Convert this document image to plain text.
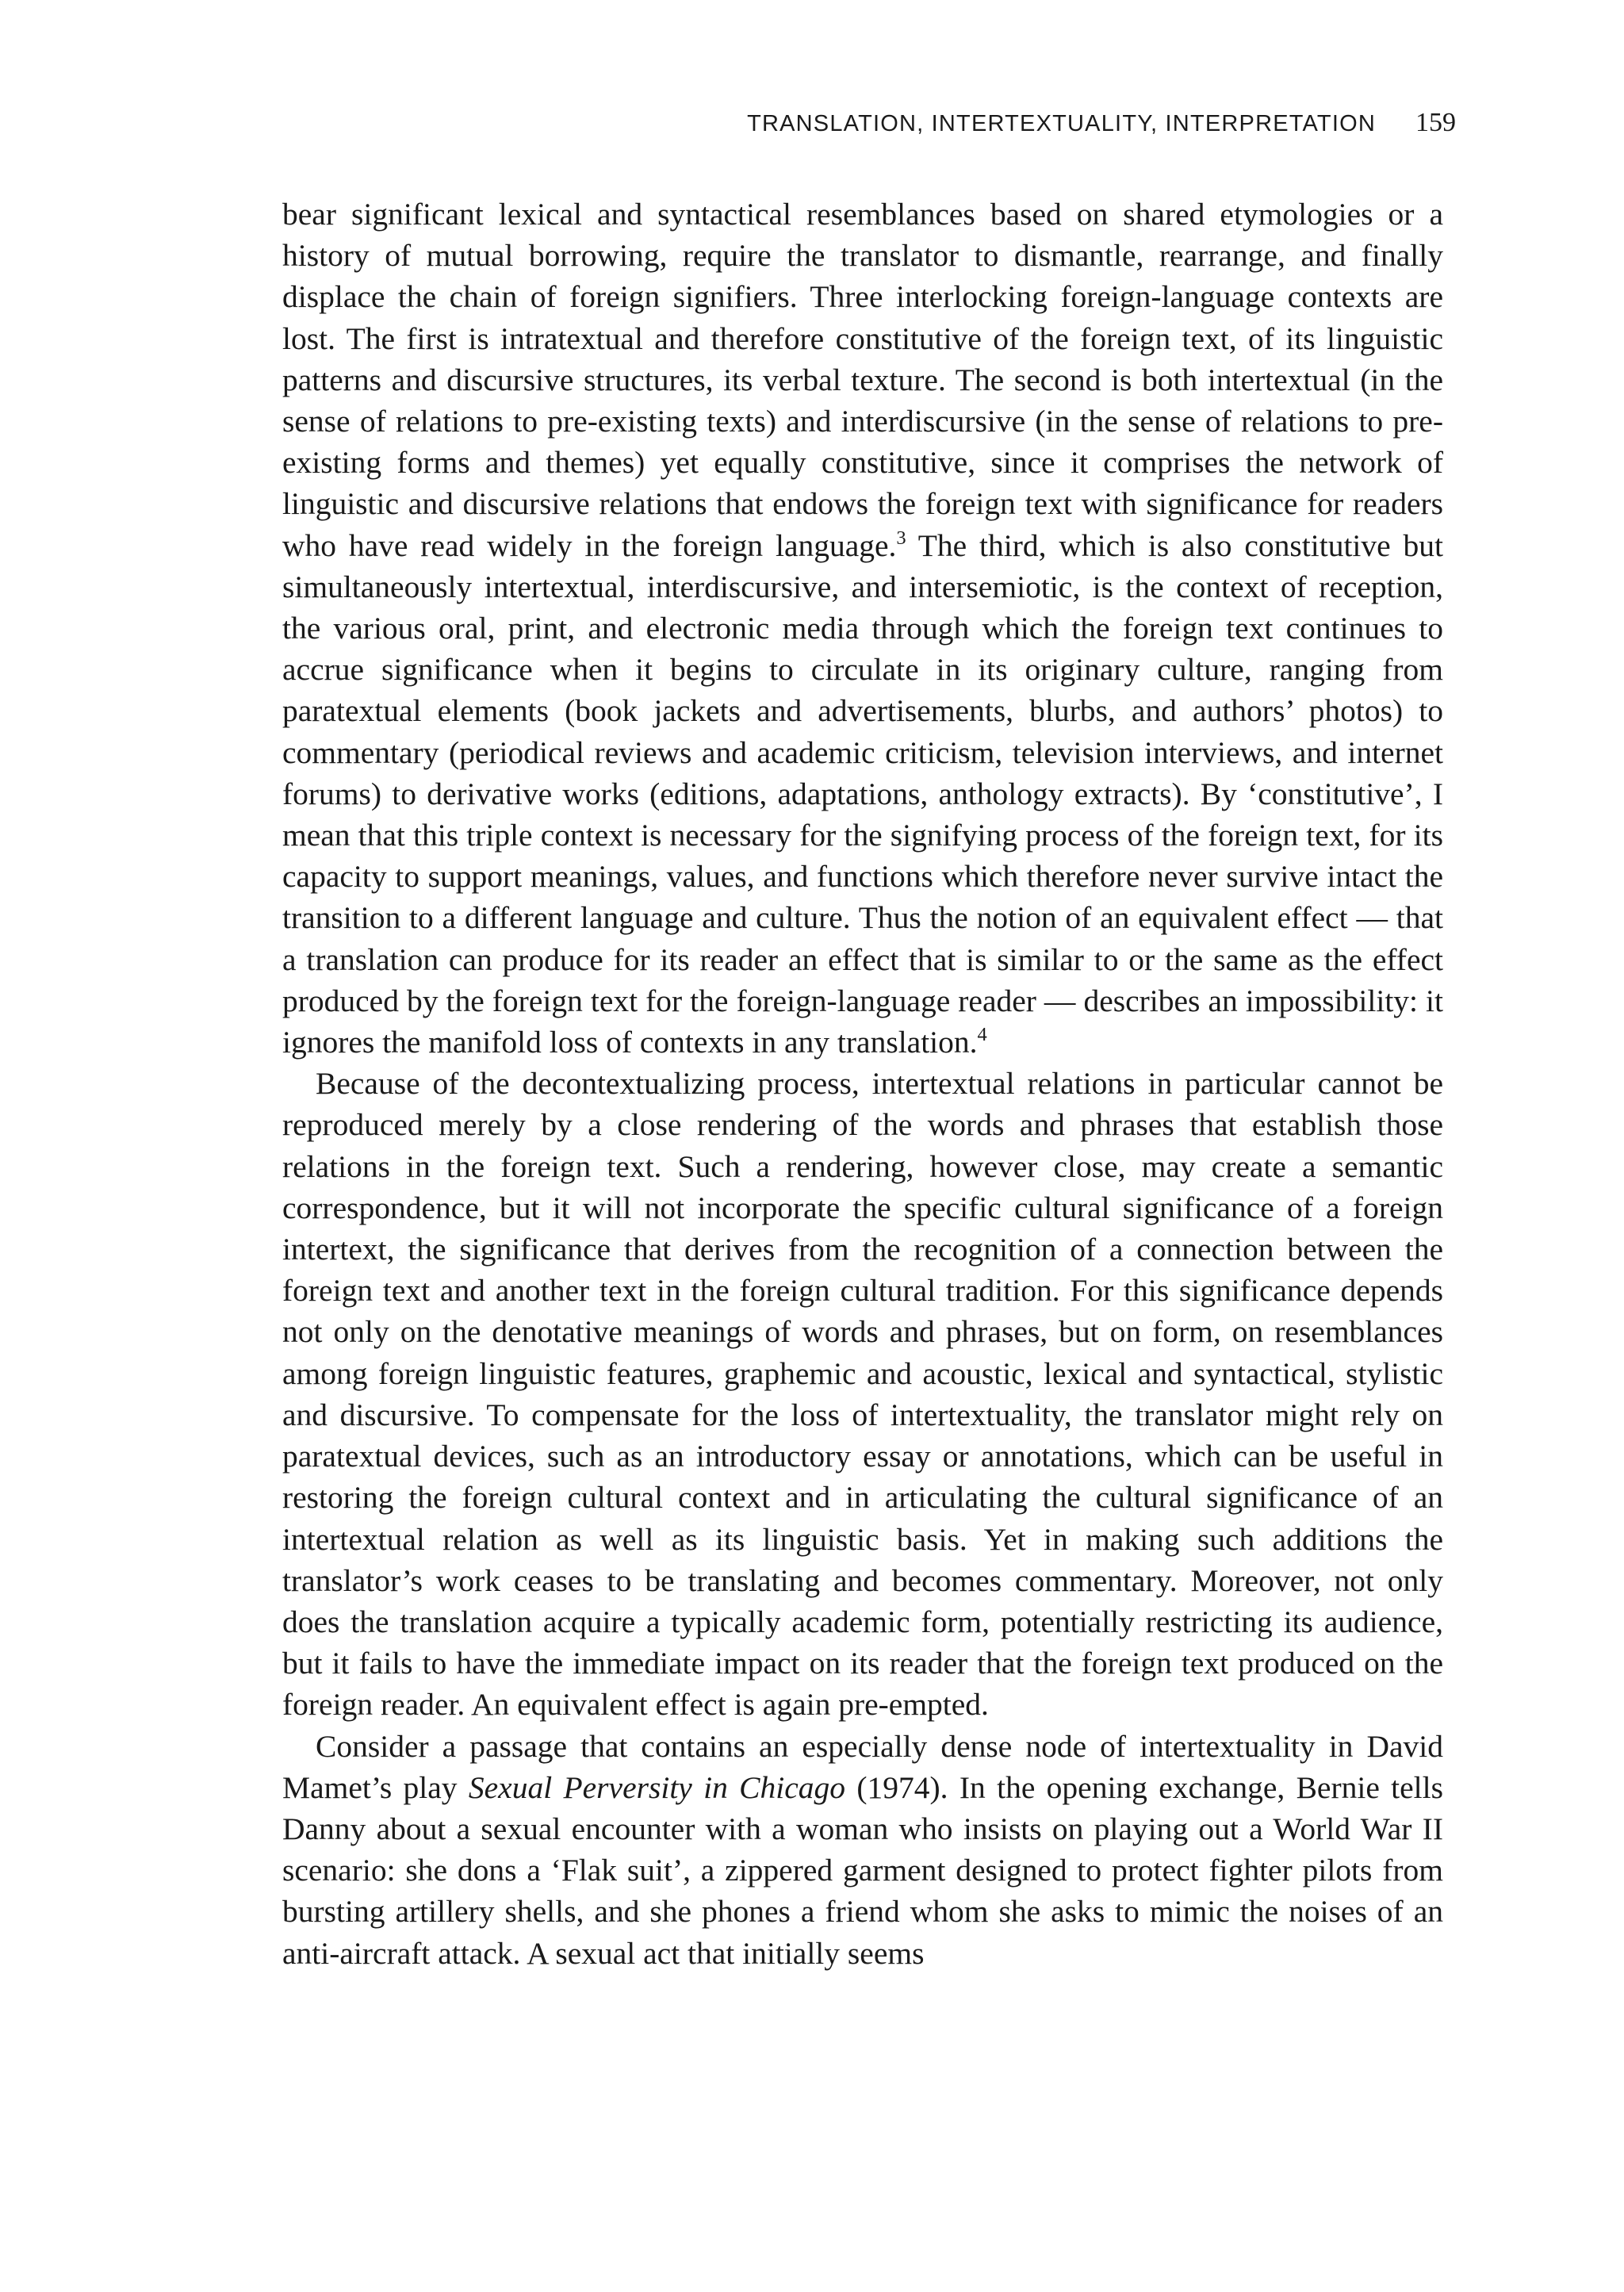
TRANSLATION, INTERTEXTUALITY, INTERPRETATION 159

bear significant lexical and syntactical resemblances based on shared etymologies or a history of mutual borrowing, require the translator to dismantle, rearrange, and finally displace the chain of foreign signifiers. Three interlocking foreign-language contexts are lost. The first is intratextual and therefore constitutive of the foreign text, of its linguistic patterns and discursive structures, its verbal texture. The second is both intertextual (in the sense of relations to pre-existing texts) and interdiscursive (in the sense of relations to pre-existing forms and themes) yet equally constitutive, since it comprises the network of linguistic and discursive relations that endows the foreign text with significance for readers who have read widely in the foreign language.$^3$ The third, which is also constitutive but simultaneously intertextual, interdiscursive, and intersemiotic, is the context of reception, the various oral, print, and electronic media through which the foreign text continues to accrue significance when it begins to circulate in its originary culture, ranging from paratextual elements (book jackets and advertisements, blurbs, and authors’ photos) to commentary (periodical reviews and academic criticism, television interviews, and internet forums) to derivative works (editions, adaptations, anthology extracts). By ‘constitutive’, I mean that this triple context is necessary for the signifying process of the foreign text, for its capacity to support meanings, values, and functions which therefore never survive intact the transition to a different language and culture. Thus the notion of an equivalent effect — that a translation can produce for its reader an effect that is similar to or the same as the effect produced by the foreign text for the foreign-language reader — describes an impossibility: it ignores the manifold loss of contexts in any translation.$^4$

Because of the decontextualizing process, intertextual relations in particular cannot be reproduced merely by a close rendering of the words and phrases that establish those relations in the foreign text. Such a rendering, however close, may create a semantic correspondence, but it will not incorporate the specific cultural significance of a foreign intertext, the significance that derives from the recognition of a connection between the foreign text and another text in the foreign cultural tradition. For this significance depends not only on the denotative meanings of words and phrases, but on form, on resemblances among foreign linguistic features, graphemic and acoustic, lexical and syntactical, stylistic and discursive. To compensate for the loss of intertextuality, the translator might rely on paratextual devices, such as an introductory essay or annotations, which can be useful in restoring the foreign cultural context and in articulating the cultural significance of an intertextual relation as well as its linguistic basis. Yet in making such additions the translator’s work ceases to be translating and becomes commentary. Moreover, not only does the translation acquire a typically academic form, potentially restricting its audience, but it fails to have the immediate impact on its reader that the foreign text produced on the foreign reader. An equivalent effect is again pre-empted.

Consider a passage that contains an especially dense node of intertextuality in David Mamet’s play Sexual Perversity in Chicago (1974). In the opening exchange, Bernie tells Danny about a sexual encounter with a woman who insists on playing out a World War II scenario: she dons a ‘Flak suit’, a zippered garment designed to protect fighter pilots from bursting artillery shells, and she phones a friend whom she asks to mimic the noises of an anti-aircraft attack. A sexual act that initially seems
